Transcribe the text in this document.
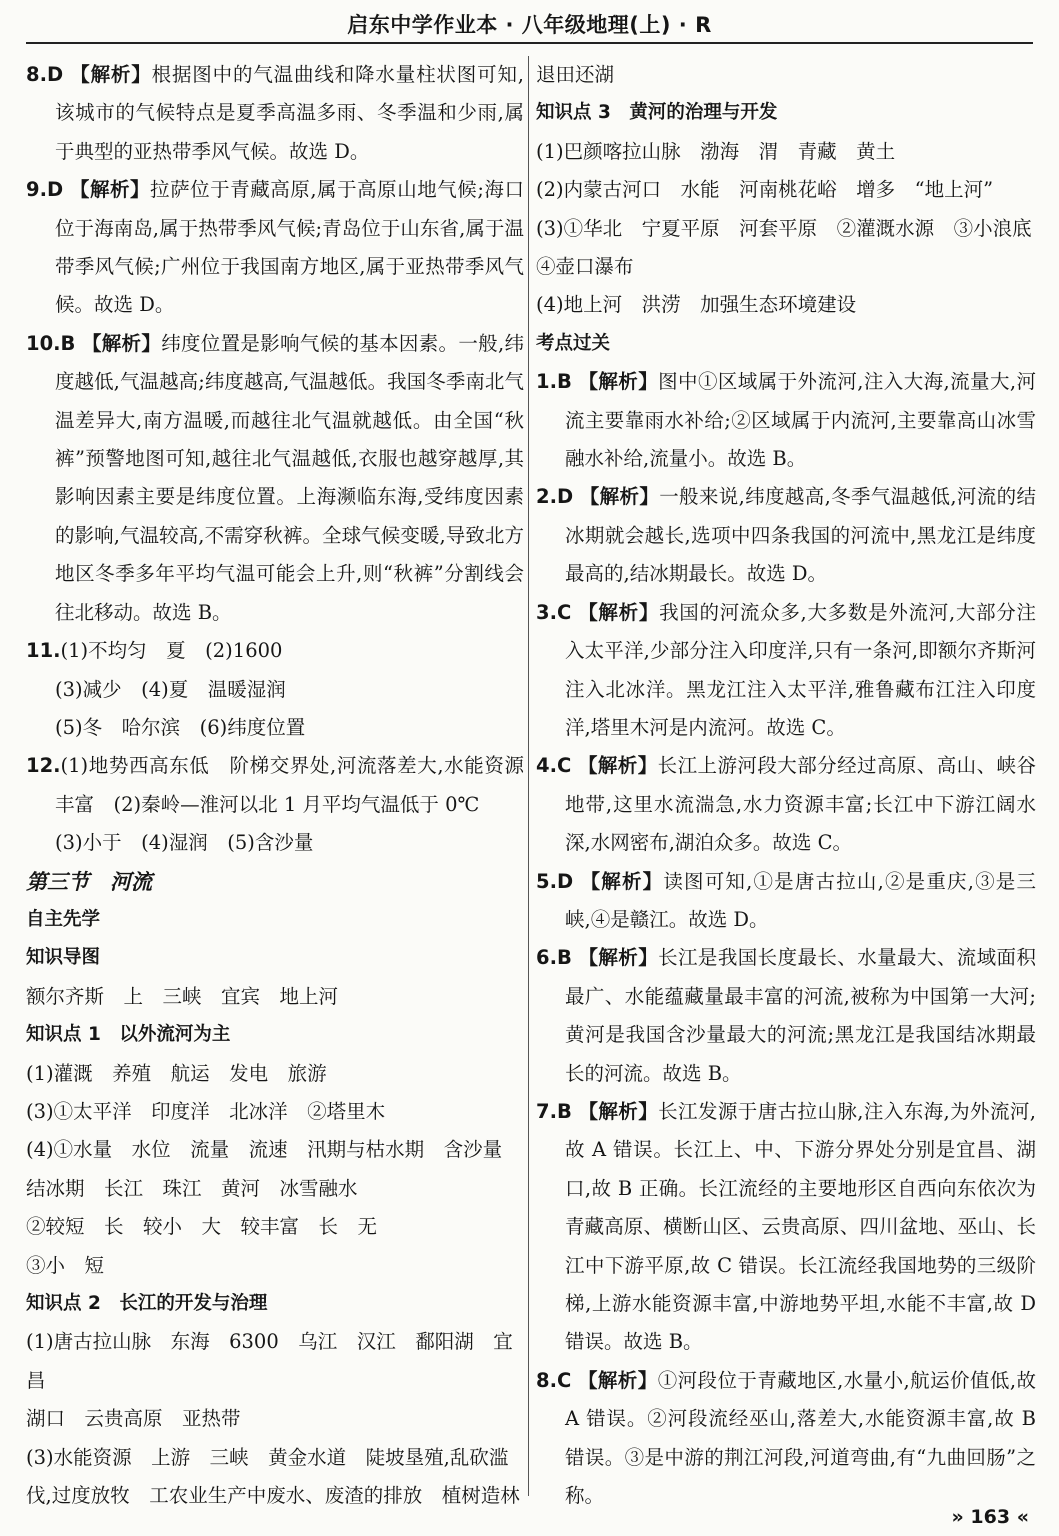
启东中学作业本 · 八年级地理(上) · R

8.D 【解析】根据图中的气温曲线和降水量柱状图可知,该城市的气候特点是夏季高温多雨、冬季温和少雨,属于典型的亚热带季风气候。故选 D。

9.D 【解析】拉萨位于青藏高原,属于高原山地气候;海口位于海南岛,属于热带季风气候;青岛位于山东省,属于温带季风气候;广州位于我国南方地区,属于亚热带季风气候。故选 D。

10.B 【解析】纬度位置是影响气候的基本因素。一般,纬度越低,气温越高;纬度越高,气温越低。我国冬季南北气温差异大,南方温暖,而越往北气温就越低。由全国“秋裤”预警地图可知,越往北气温越低,衣服也越穿越厚,其影响因素主要是纬度位置。上海濒临东海,受纬度因素的影响,气温较高,不需穿秋裤。全球气候变暖,导致北方地区冬季多年平均气温可能会上升,则“秋裤”分割线会往北移动。故选 B。

11.(1)不均匀　夏　(2)1600

(3)减少　(4)夏　温暖湿润

(5)冬　哈尔滨　(6)纬度位置

12.(1)地势西高东低　阶梯交界处,河流落差大,水能资源丰富　(2)秦岭—淮河以北 1 月平均气温低于 0℃

(3)小于　(4)湿润　(5)含沙量

第三节　河流

自主先学

知识导图

额尔齐斯　上　三峡　宜宾　地上河

知识点 1　以外流河为主

(1)灌溉　养殖　航运　发电　旅游

(3)①太平洋　印度洋　北冰洋　②塔里木

(4)①水量　水位　流量　流速　汛期与枯水期　含沙量

结冰期　长江　珠江　黄河　冰雪融水

②较短　长　较小　大　较丰富　长　无

③小　短

知识点 2　长江的开发与治理

(1)唐古拉山脉　东海　6300　乌江　汉江　鄱阳湖　宜昌

湖口　云贵高原　亚热带

(3)水能资源　上游　三峡　黄金水道　陡坡垦殖,乱砍滥伐,过度放牧　工农业生产中废水、废渣的排放　植树造林

退田还湖

知识点 3　黄河的治理与开发

(1)巴颜喀拉山脉　渤海　渭　青藏　黄土

(2)内蒙古河口　水能　河南桃花峪　增多　“地上河”

(3)①华北　宁夏平原　河套平原　②灌溉水源　③小浪底

④壶口瀑布

(4)地上河　洪涝　加强生态环境建设

考点过关

1.B 【解析】图中①区域属于外流河,注入大海,流量大,河流主要靠雨水补给;②区域属于内流河,主要靠高山冰雪融水补给,流量小。故选 B。

2.D 【解析】一般来说,纬度越高,冬季气温越低,河流的结冰期就会越长,选项中四条我国的河流中,黑龙江是纬度最高的,结冰期最长。故选 D。

3.C 【解析】我国的河流众多,大多数是外流河,大部分注入太平洋,少部分注入印度洋,只有一条河,即额尔齐斯河注入北冰洋。黑龙江注入太平洋,雅鲁藏布江注入印度洋,塔里木河是内流河。故选 C。

4.C 【解析】长江上游河段大部分经过高原、高山、峡谷地带,这里水流湍急,水力资源丰富;长江中下游江阔水深,水网密布,湖泊众多。故选 C。

5.D 【解析】读图可知,①是唐古拉山,②是重庆,③是三峡,④是赣江。故选 D。

6.B 【解析】长江是我国长度最长、水量最大、流域面积最广、水能蕴藏量最丰富的河流,被称为中国第一大河;黄河是我国含沙量最大的河流;黑龙江是我国结冰期最长的河流。故选 B。

7.B 【解析】长江发源于唐古拉山脉,注入东海,为外流河,故 A 错误。长江上、中、下游分界处分别是宜昌、湖口,故 B 正确。长江流经的主要地形区自西向东依次为青藏高原、横断山区、云贵高原、四川盆地、巫山、长江中下游平原,故 C 错误。长江流经我国地势的三级阶梯,上游水能资源丰富,中游地势平坦,水能不丰富,故 D 错误。故选 B。

8.C 【解析】①河段位于青藏地区,水量小,航运价值低,故 A 错误。②河段流经巫山,落差大,水能资源丰富,故 B 错误。③是中游的荆江河段,河道弯曲,有“九曲回肠”之称。

» 163 «
